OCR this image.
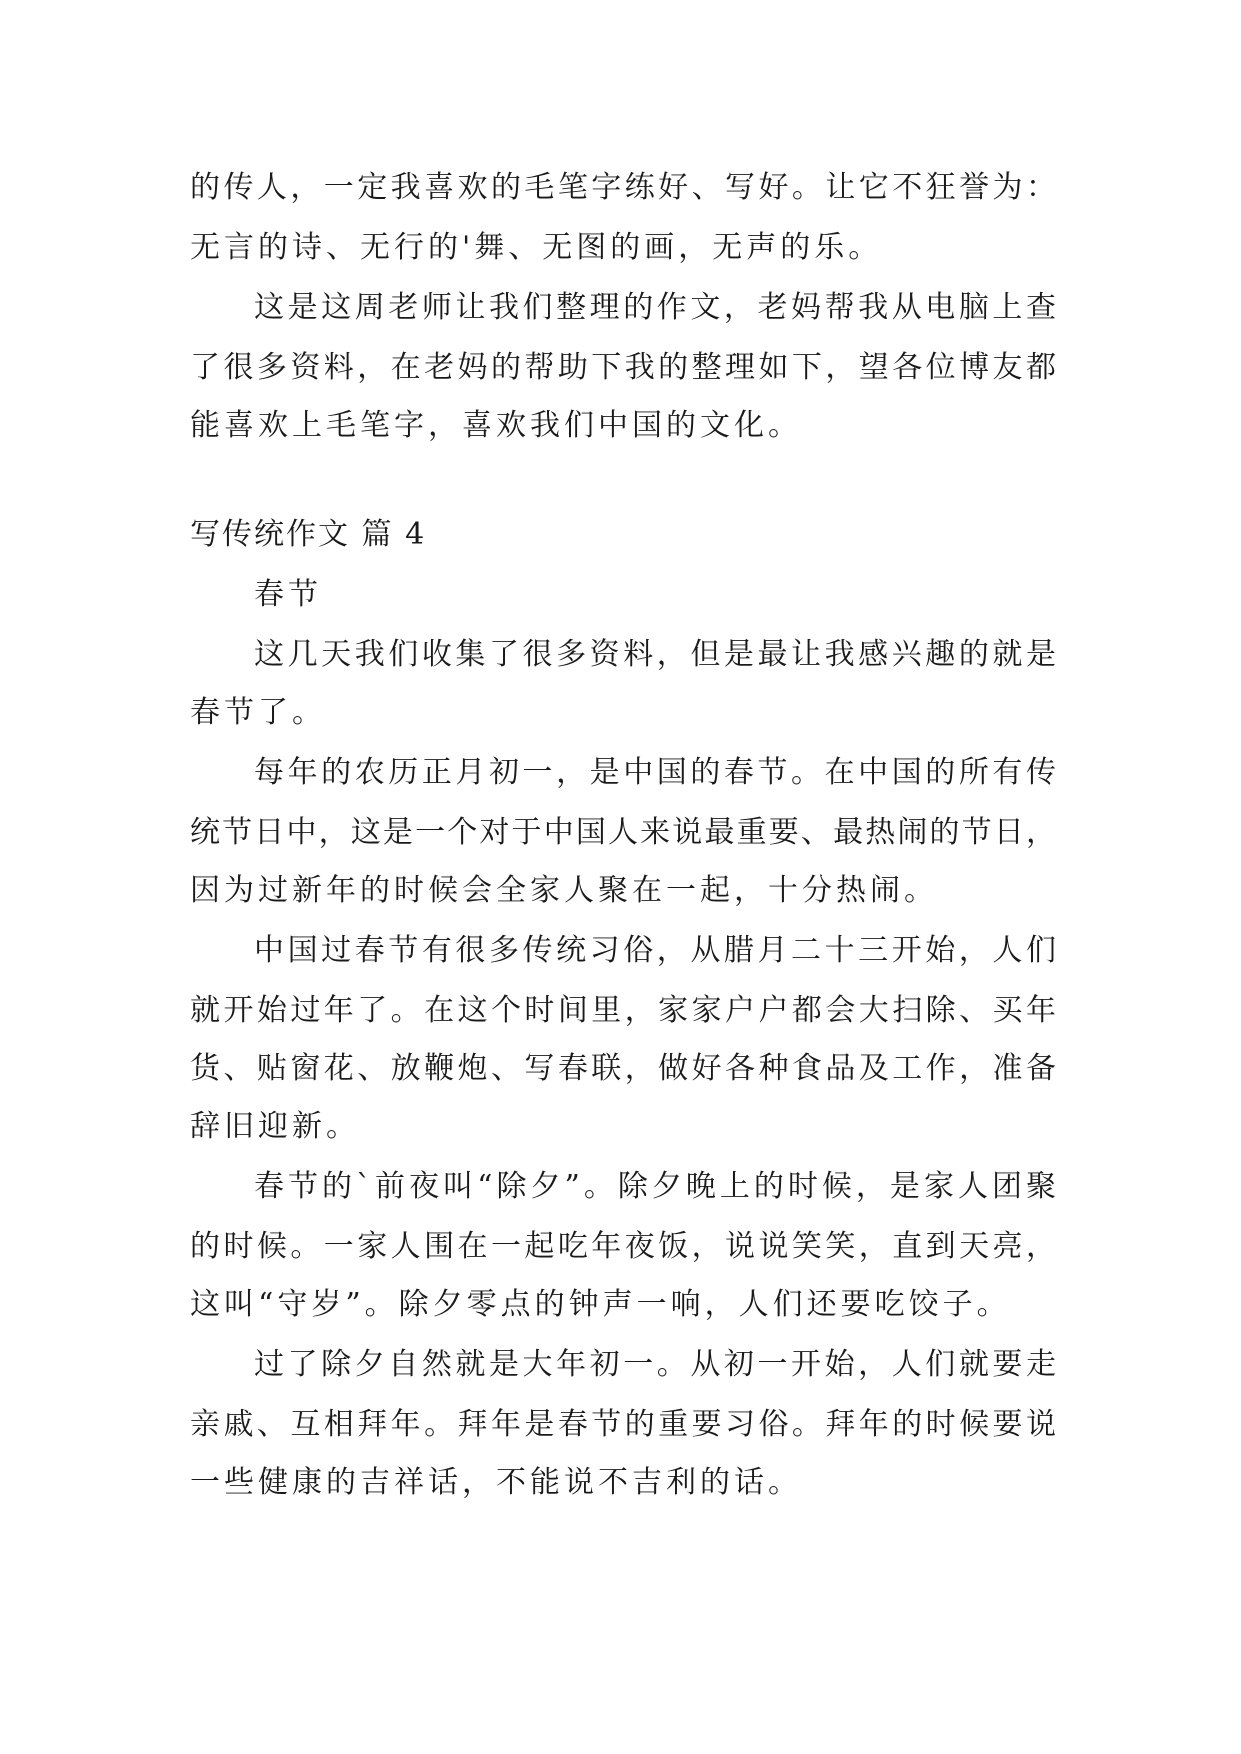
的传人，一定我喜欢的毛笔字练好、写好。让它不狂誉为：
无言的诗、无行的'舞、无图的画，无声的乐。
这是这周老师让我们整理的作文，老妈帮我从电脑上查
了很多资料，在老妈的帮助下我的整理如下，望各位博友都
能喜欢上毛笔字，喜欢我们中国的文化。
写传统作文 篇 4
春节
这几天我们收集了很多资料，但是最让我感兴趣的就是
春节了。
每年的农历正月初一，是中国的春节。在中国的所有传
统节日中，这是一个对于中国人来说最重要、最热闹的节日，
因为过新年的时候会全家人聚在一起，十分热闹。
中国过春节有很多传统习俗，从腊月二十三开始，人们
就开始过年了。在这个时间里，家家户户都会大扫除、买年
货、贴窗花、放鞭炮、写春联，做好各种食品及工作，准备
辞旧迎新。
春节的`前夜叫“除夕”。除夕晚上的时候，是家人团聚
的时候。一家人围在一起吃年夜饭，说说笑笑，直到天亮，
这叫“守岁”。除夕零点的钟声一响，人们还要吃饺子。
过了除夕自然就是大年初一。从初一开始，人们就要走
亲戚、互相拜年。拜年是春节的重要习俗。拜年的时候要说
一些健康的吉祥话，不能说不吉利的话。
